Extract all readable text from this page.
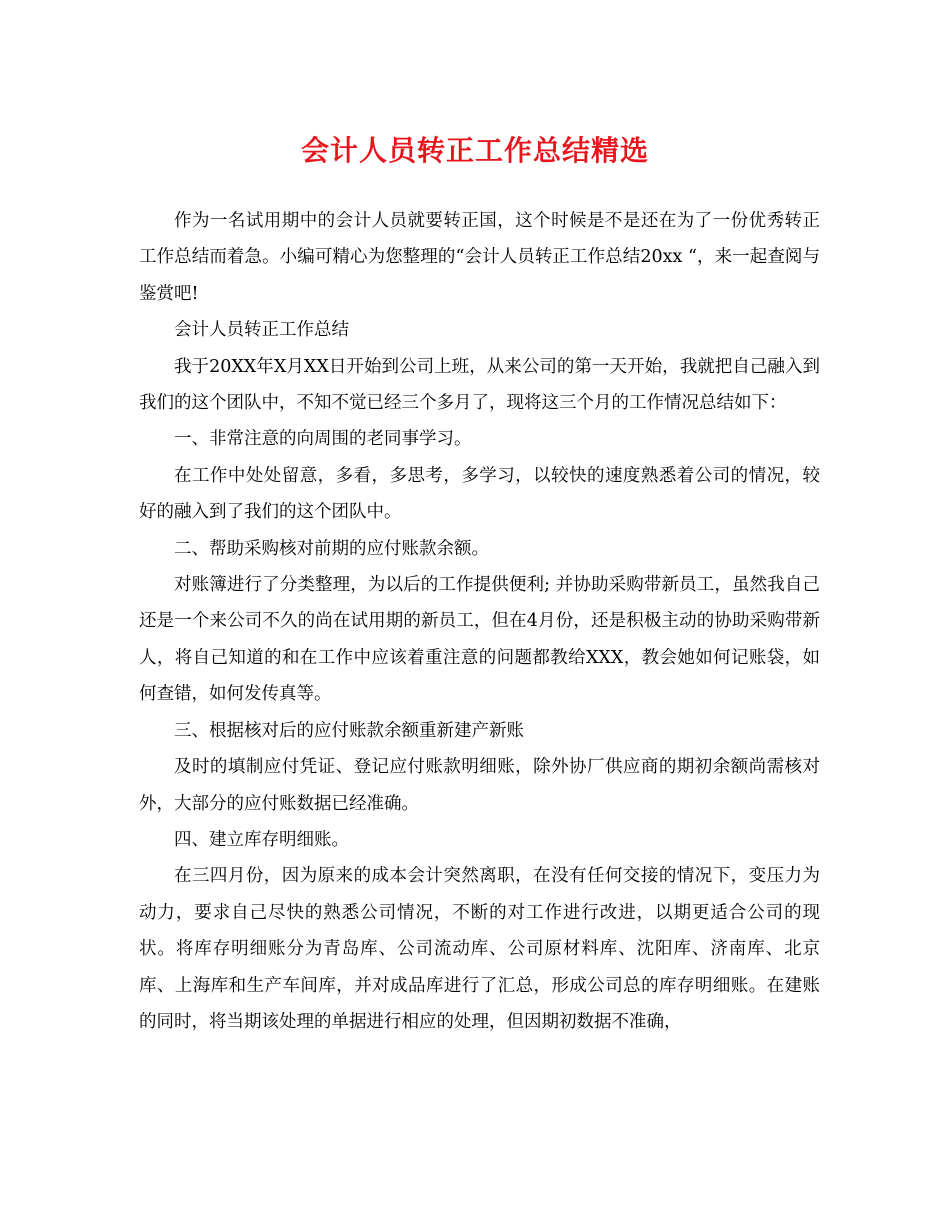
会计人员转正工作总结精选

作为一名试用期中的会计人员就要转正国，这个时候是不是还在为了一份优秀转正工作总结而着急。小编可精心为您整理的“会计人员转正工作总结20xx “，来一起查阅与鉴赏吧!

会计人员转正工作总结

我于20XX年X月XX日开始到公司上班，从来公司的第一天开始，我就把自己融入到我们的这个团队中，不知不觉已经三个多月了，现将这三个月的工作情况总结如下：

一、非常注意的向周围的老同事学习。

在工作中处处留意，多看，多思考，多学习，以较快的速度熟悉着公司的情况，较好的融入到了我们的这个团队中。

二、帮助采购核对前期的应付账款余额。

对账簿进行了分类整理，为以后的工作提供便利; 并协助采购带新员工，虽然我自己还是一个来公司不久的尚在试用期的新员工，但在4月份，还是积极主动的协助采购带新人，将自己知道的和在工作中应该着重注意的问题都教给XXX，教会她如何记账袋，如何查错，如何发传真等。

三、根据核对后的应付账款余额重新建产新账

及时的填制应付凭证、登记应付账款明细账，除外协厂供应商的期初余额尚需核对外，大部分的应付账数据已经准确。

四、建立库存明细账。

在三四月份，因为原来的成本会计突然离职，在没有任何交接的情况下，变压力为动力，要求自己尽快的熟悉公司情况，不断的对工作进行改进，以期更适合公司的现状。将库存明细账分为青岛库、公司流动库、公司原材料库、沈阳库、济南库、北京库、上海库和生产车间库，并对成品库进行了汇总，形成公司总的库存明细账。在建账的同时，将当期该处理的单据进行相应的处理，但因期初数据不准确，
